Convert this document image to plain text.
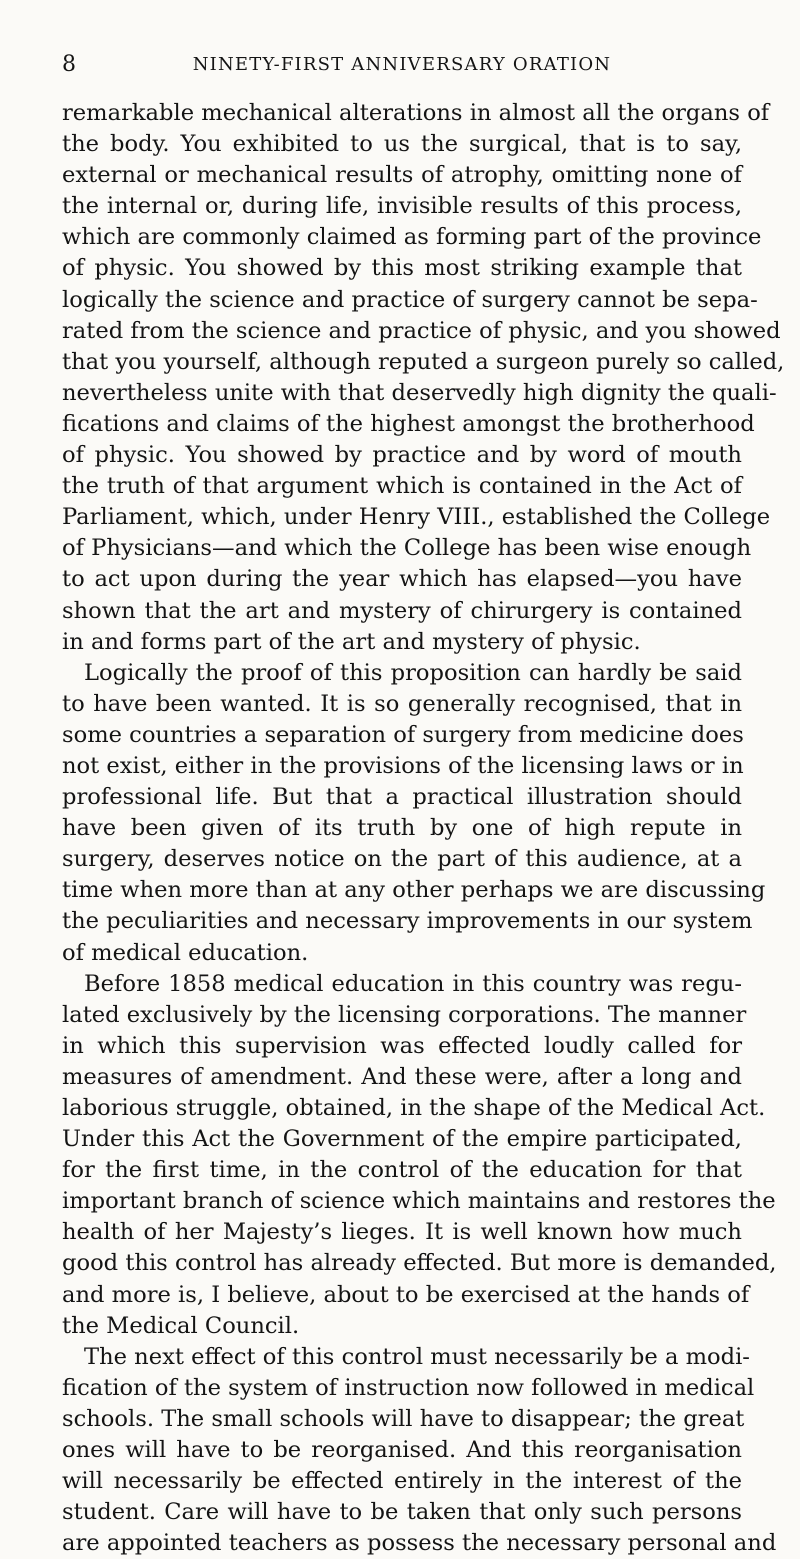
8	NINETY-FIRST ANNIVERSARY ORATION
remarkable mechanical alterations in almost all the organs of
the body. You exhibited to us the surgical, that is to say,
external or mechanical results of atrophy, omitting none of
the internal or, during life, invisible results of this process,
which are commonly claimed as forming part of the province
of physic. You showed by this most striking example that
logically the science and practice of surgery cannot be sepa-
rated from the science and practice of physic, and you showed
that you yourself, although reputed a surgeon purely so called,
nevertheless unite with that deservedly high dignity the quali-
fications and claims of the highest amongst the brotherhood
of physic. You showed by practice and by word of mouth
the truth of that argument which is contained in the Act of
Parliament, which, under Henry VIII., established the College
of Physicians—and which the College has been wise enough
to act upon during the year which has elapsed—you have
shown that the art and mystery of chirurgery is contained
in and forms part of the art and mystery of physic.
Logically the proof of this proposition can hardly be said
to have been wanted. It is so generally recognised, that in
some countries a separation of surgery from medicine does
not exist, either in the provisions of the licensing laws or in
professional life. But that a practical illustration should
have been given of its truth by one of high repute in
surgery, deserves notice on the part of this audience, at a
time when more than at any other perhaps we are discussing
the peculiarities and necessary improvements in our system
of medical education.
Before 1858 medical education in this country was regu-
lated exclusively by the licensing corporations. The manner
in which this supervision was effected loudly called for
measures of amendment. And these were, after a long and
laborious struggle, obtained, in the shape of the Medical Act.
Under this Act the Government of the empire participated,
for the first time, in the control of the education for that
important branch of science which maintains and restores the
health of her Majesty’s lieges. It is well known how much
good this control has already effected. But more is demanded,
and more is, I believe, about to be exercised at the hands of
the Medical Council.
The next effect of this control must necessarily be a modi-
fication of the system of instruction now followed in medical
schools. The small schools will have to disappear; the great
ones will have to be reorganised. And this reorganisation
will necessarily be effected entirely in the interest of the
student. Care will have to be taken that only such persons
are appointed teachers as possess the necessary personal and
